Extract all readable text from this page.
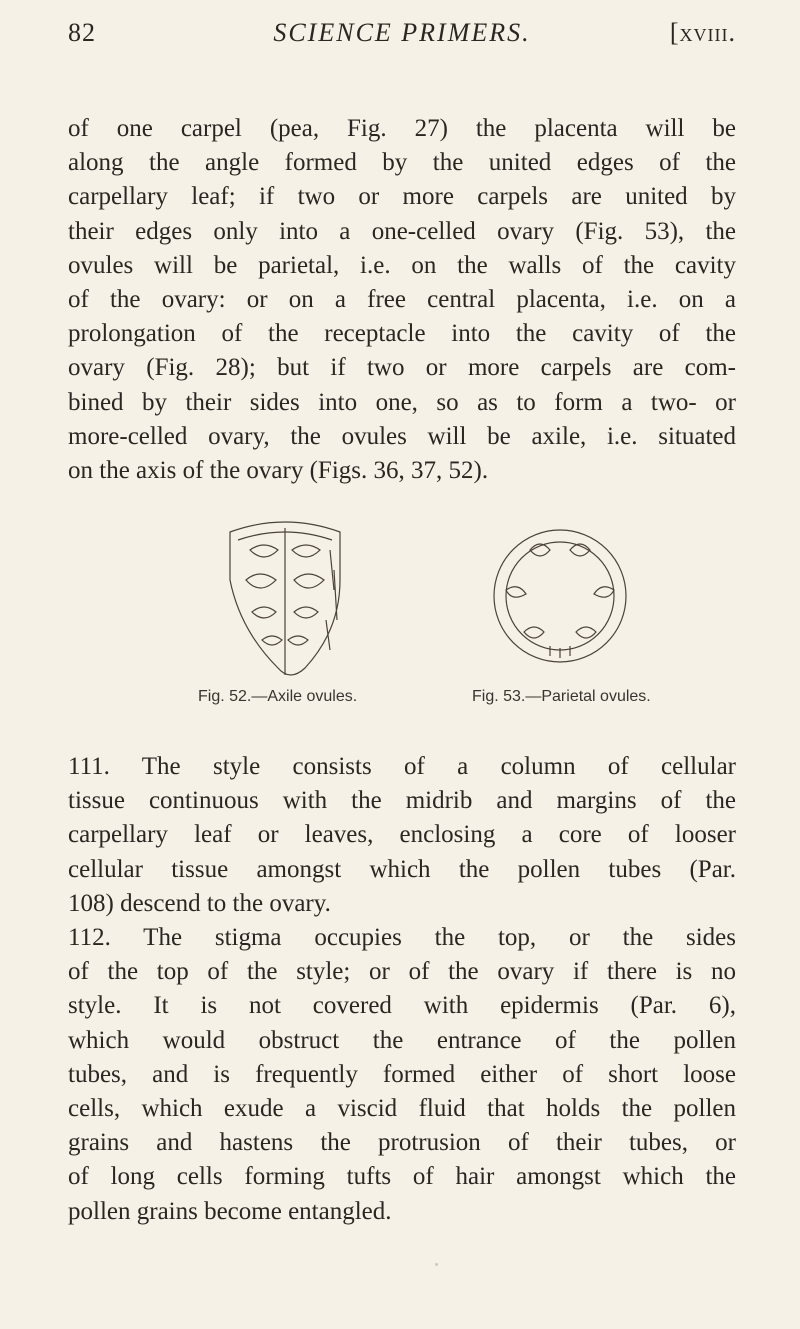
82	SCIENCE PRIMERS.	[xviii.
of one carpel (pea, Fig. 27) the placenta will be
along the angle formed by the united edges of the
carpellary leaf; if two or more carpels are united by
their edges only into a one-celled ovary (Fig. 53), the
ovules will be parietal, i.e. on the walls of the cavity
of the ovary: or on a free central placenta, i.e. on a
prolongation of the receptacle into the cavity of the
ovary (Fig. 28); but if two or more carpels are com-
bined by their sides into one, so as to form a two- or
more-celled ovary, the ovules will be axile, i.e. situated
on the axis of the ovary (Figs. 36, 37, 52).
Fig. 52.—Axile ovules.	Fig. 53.—Parietal ovules.
111. The style consists of a column of cellular
tissue continuous with the midrib and margins of the
carpellary leaf or leaves, enclosing a core of looser
cellular tissue amongst which the pollen tubes (Par.
108) descend to the ovary.
112. The stigma occupies the top, or the sides
of the top of the style; or of the ovary if there is no
style. It is not covered with epidermis (Par. 6),
which would obstruct the entrance of the pollen
tubes, and is frequently formed either of short loose
cells, which exude a viscid fluid that holds the pollen
grains and hastens the protrusion of their tubes, or
of long cells forming tufts of hair amongst which the
pollen grains become entangled.
